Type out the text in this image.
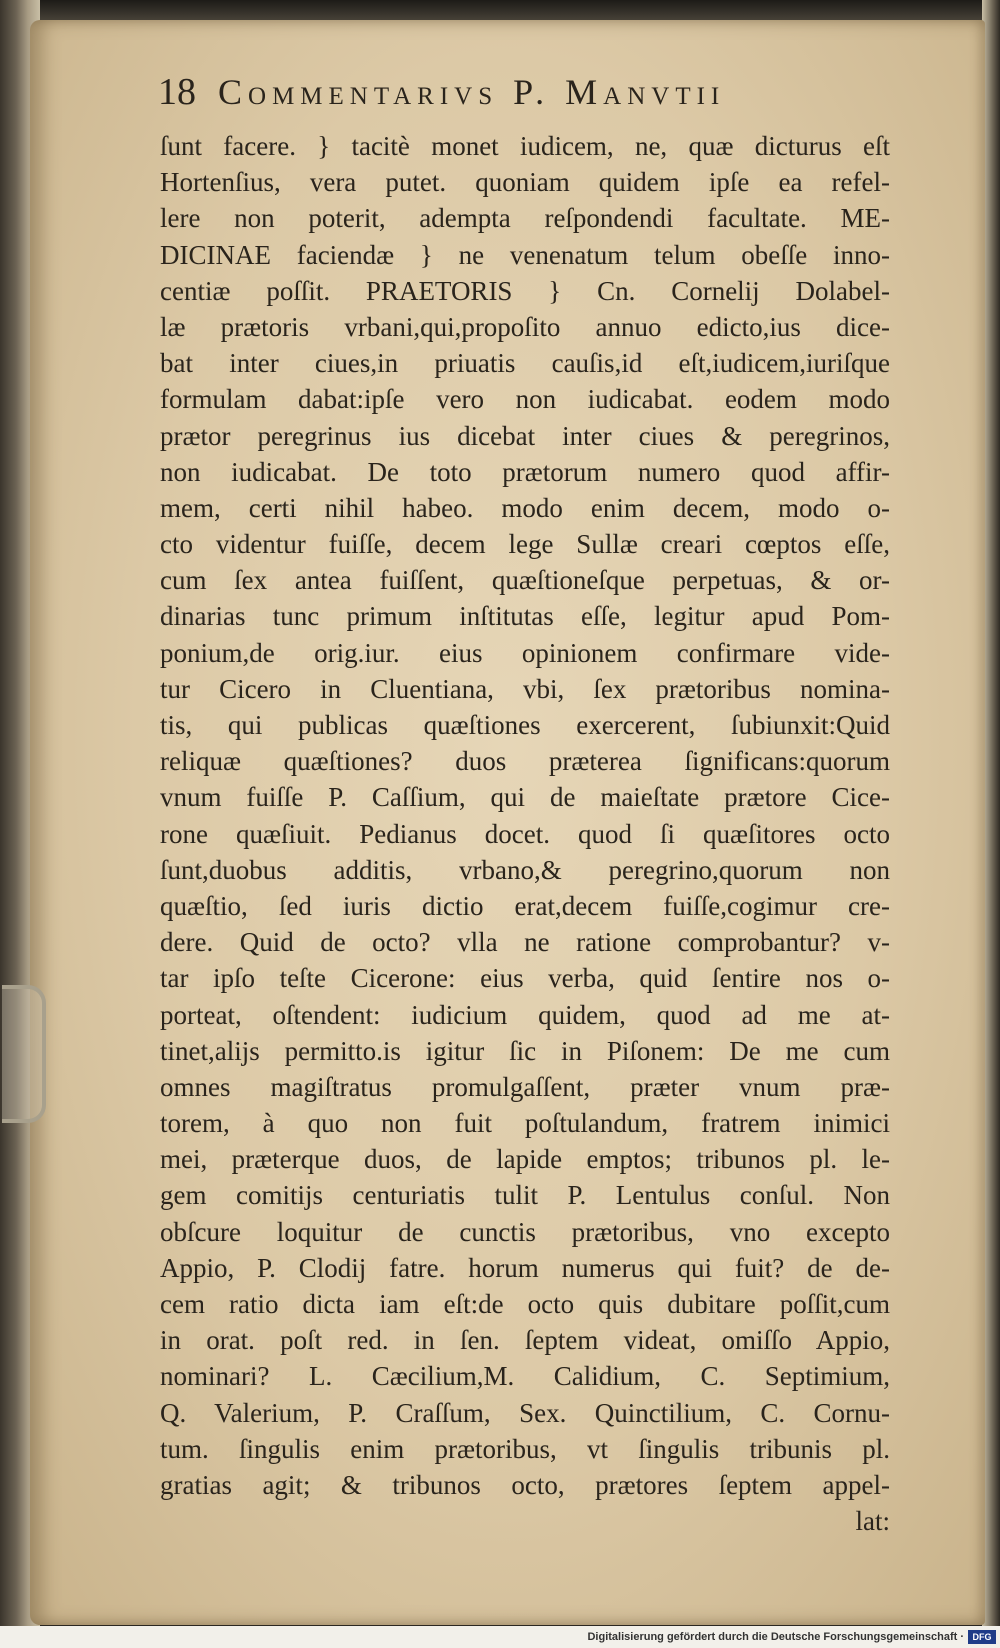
18 Commentarivs P. Manvtii
ſunt facere. } tacitè monet iudicem, ne, quæ dicturus eſt
Hortenſius, vera putet. quoniam quidem ipſe ea refel-
lere non poterit, adempta reſpondendi facultate. ME-
DICINAE faciendæ } ne venenatum telum obeſſe inno-
centiæ poſſit. PRAETORIS } Cn. Cornelij Dolabel-
læ prætoris vrbani,qui,propoſito annuo edicto,ius dice-
bat inter ciues,in priuatis cauſis,id eſt,iudicem,iuriſque
formulam dabat:ipſe vero non iudicabat. eodem modo
prætor peregrinus ius dicebat inter ciues & peregrinos,
non iudicabat. De toto prætorum numero quod affir-
mem, certi nihil habeo. modo enim decem, modo o-
cto videntur fuiſſe, decem lege Sullæ creari cœptos eſſe,
cum ſex antea fuiſſent, quæſtioneſque perpetuas, & or-
dinarias tunc primum inſtitutas eſſe, legitur apud Pom-
ponium,de orig.iur. eius opinionem confirmare vide-
tur Cicero in Cluentiana, vbi, ſex prætoribus nomina-
tis, qui publicas quæſtiones exercerent, ſubiunxit:Quid
reliquæ quæſtiones? duos præterea ſignificans:quorum
vnum fuiſſe P. Caſſium, qui de maieſtate prætore Cice-
rone quæſiuit. Pedianus docet. quod ſi quæſitores octo
ſunt,duobus additis, vrbano,& peregrino,quorum non
quæſtio, ſed iuris dictio erat,decem fuiſſe,cogimur cre-
dere. Quid de octo? vlla ne ratione comprobantur? v-
tar ipſo teſte Cicerone: eius verba, quid ſentire nos o-
porteat, oſtendent: iudicium quidem, quod ad me at-
tinet,alijs permitto.is igitur ſic in Piſonem: De me cum
omnes magiſtratus promulgaſſent, præter vnum præ-
torem, à quo non fuit poſtulandum, fratrem inimici
mei, præterque duos, de lapide emptos; tribunos pl. le-
gem comitijs centuriatis tulit P. Lentulus conſul. Non
obſcure loquitur de cunctis prætoribus, vno excepto
Appio, P. Clodij fatre. horum numerus qui fuit? de de-
cem ratio dicta iam eſt:de octo quis dubitare poſſit,cum
in orat. poſt red. in ſen. ſeptem videat, omiſſo Appio,
nominari? L. Cæcilium,M. Calidium, C. Septimium,
Q. Valerium, P. Craſſum, Sex. Quinctilium, C. Cornu-
tum. ſingulis enim prætoribus, vt ſingulis tribunis pl.
gratias agit; & tribunos octo, prætores ſeptem appel-
lat:
Digitalisierung gefördert durch die Deutsche Forschungsgemeinschaft · DFG
